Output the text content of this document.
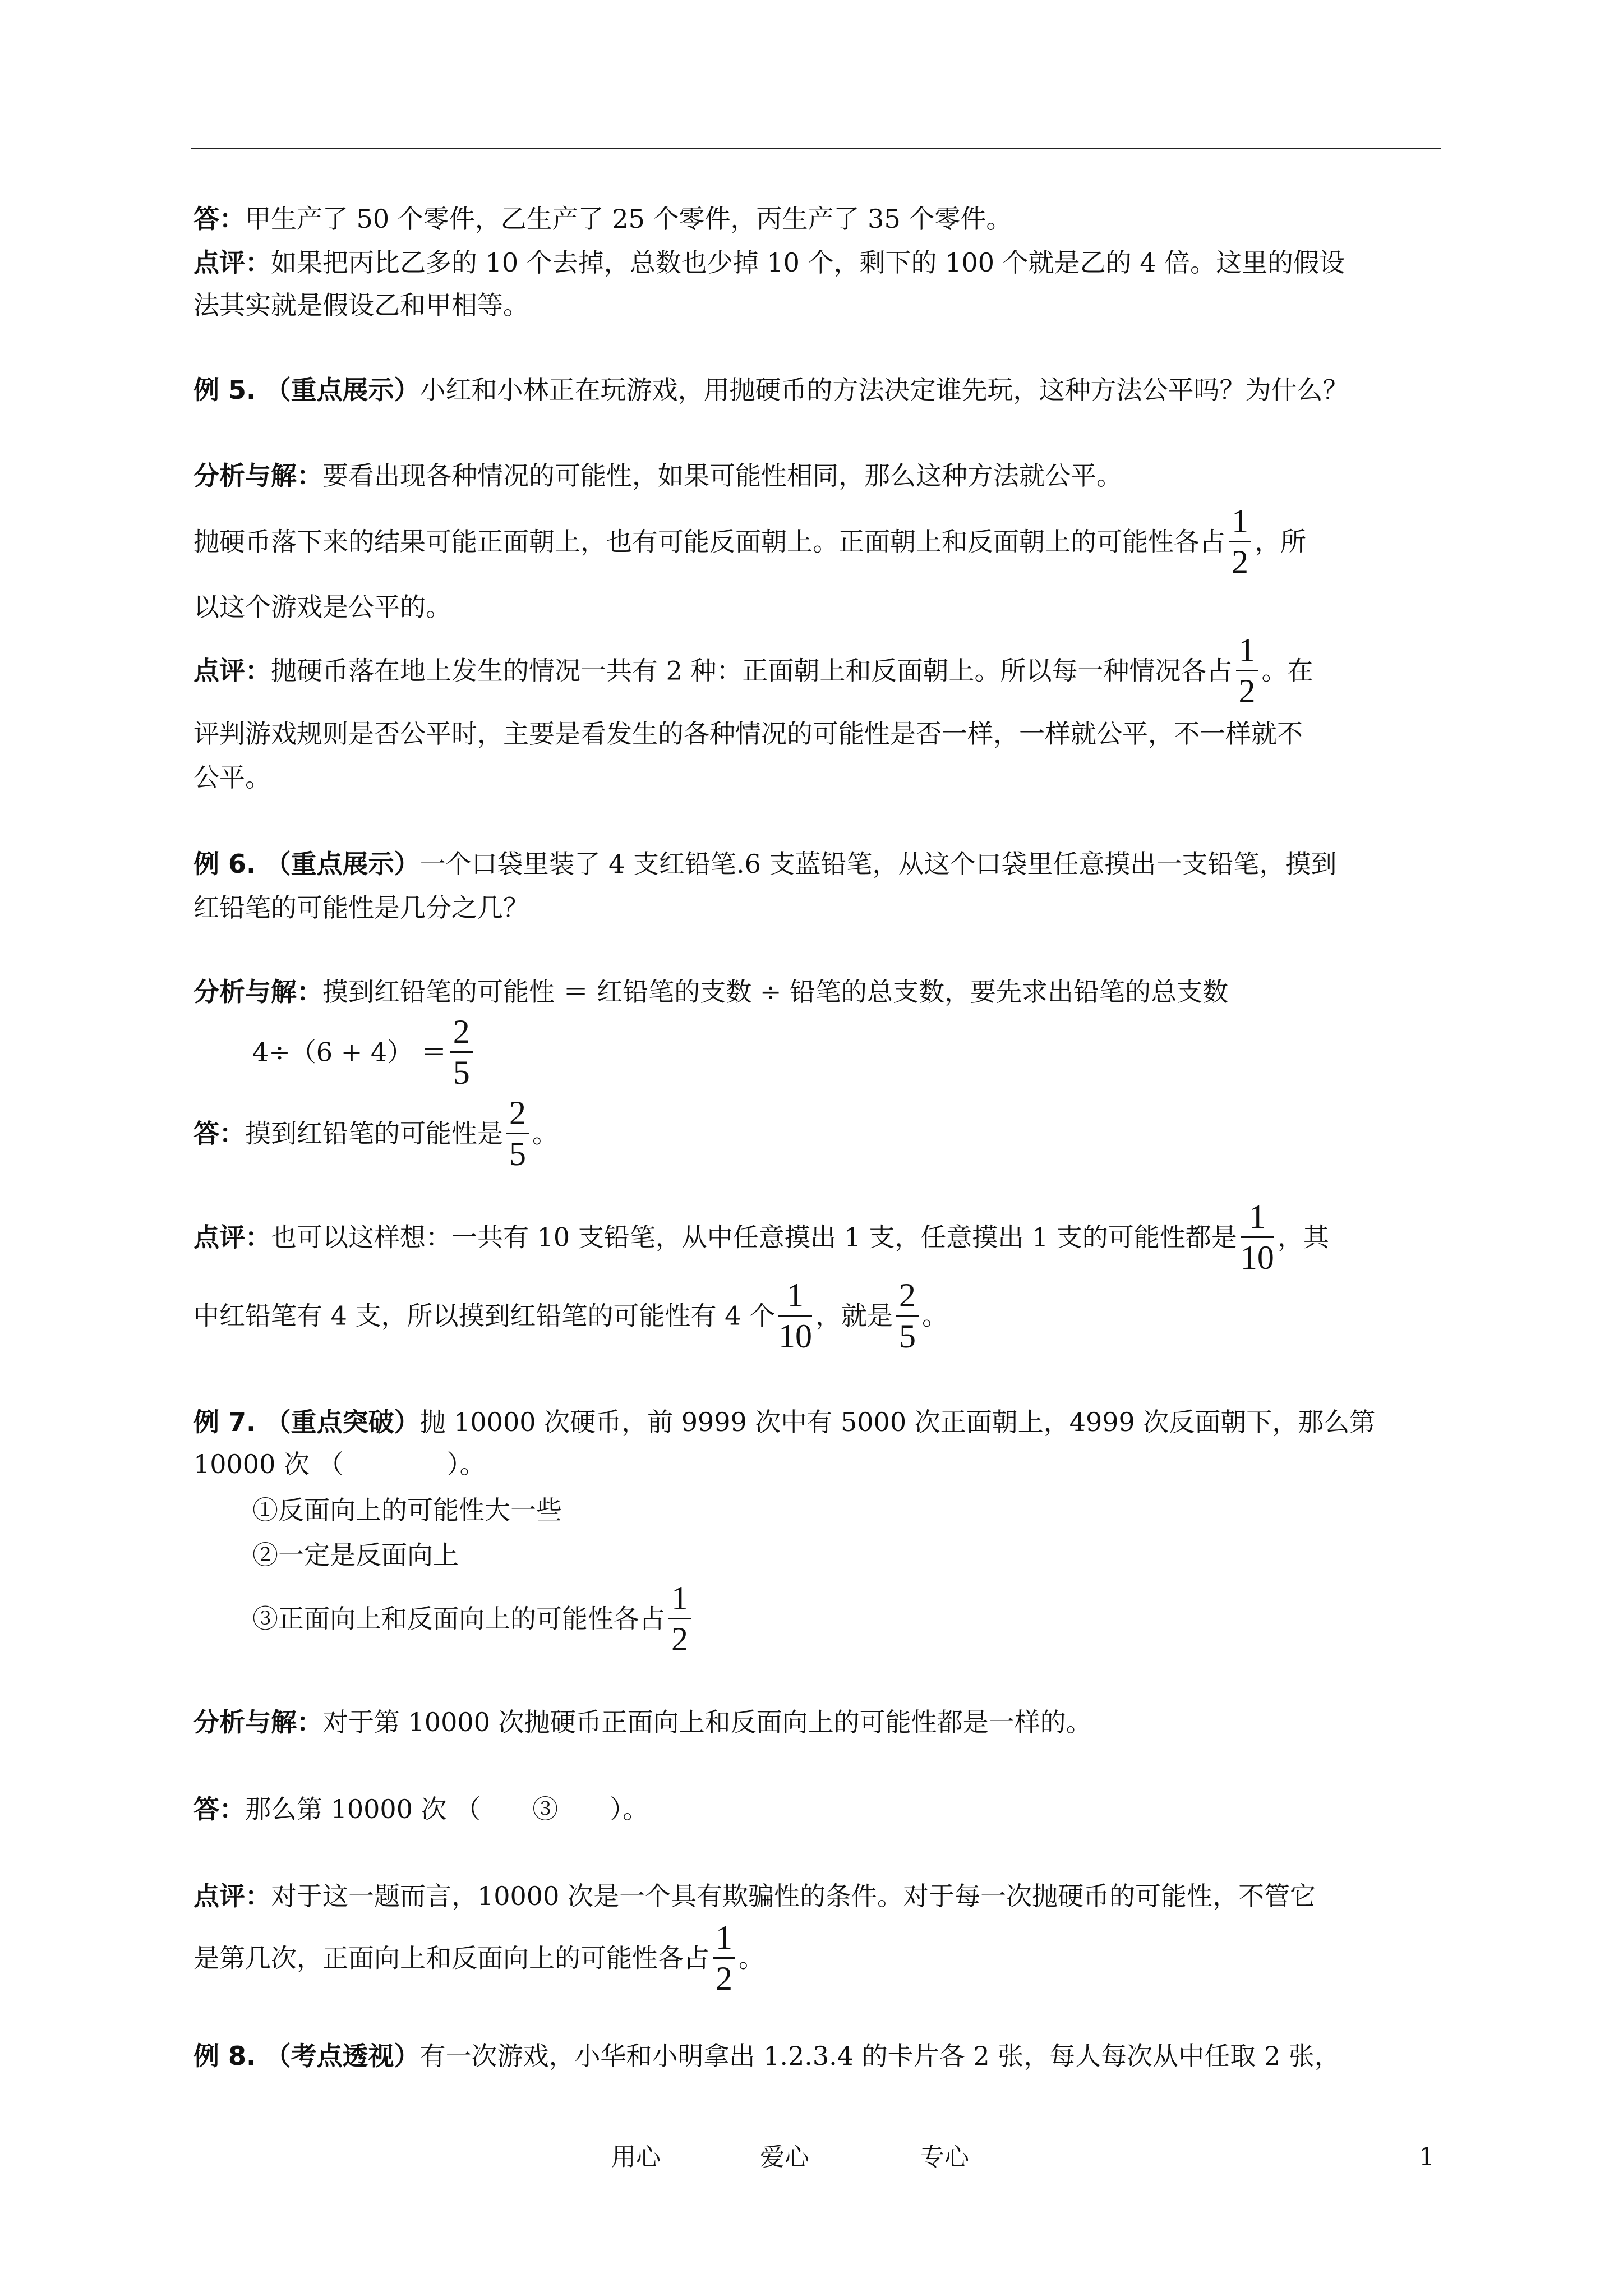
答：甲生产了 50 个零件，乙生产了 25 个零件，丙生产了 35 个零件。
点评：如果把丙比乙多的 10 个去掉，总数也少掉 10 个，剩下的 100 个就是乙的 4 倍。这里的假设
法其实就是假设乙和甲相等。
例 5. （重点展示）小红和小林正在玩游戏，用抛硬币的方法决定谁先玩，这种方法公平吗？为什么？
分析与解：要看出现各种情况的可能性，如果可能性相同，那么这种方法就公平。
抛硬币落下来的结果可能正面朝上，也有可能反面朝上。正面朝上和反面朝上的可能性各占 $\frac{1}{2}$ ，所
以这个游戏是公平的。
点评：抛硬币落在地上发生的情况一共有 2 种：正面朝上和反面朝上。所以每一种情况各占 $\frac{1}{2}$ 。在
评判游戏规则是否公平时，主要是看发生的各种情况的可能性是否一样，一样就公平，不一样就不
公平。
例 6. （重点展示）一个口袋里装了 4 支红铅笔.6 支蓝铅笔，从这个口袋里任意摸出一支铅笔，摸到
红铅笔的可能性是几分之几？
分析与解：摸到红铅笔的可能性 ＝ 红铅笔的支数 ÷ 铅笔的总支数，要先求出铅笔的总支数
$4\div(6 + 4) = \frac{2}{5}$
答：摸到红铅笔的可能性是 $\frac{2}{5}$ 。
点评：也可以这样想：一共有 10 支铅笔，从中任意摸出 1 支，任意摸出 1 支的可能性都是 $\frac{1}{10}$ ，其
中红铅笔有 4 支，所以摸到红铅笔的可能性有 4 个 $\frac{1}{10}$ ，就是 $\frac{2}{5}$ 。
例 7. （重点突破）抛 10000 次硬币，前 9999 次中有 5000 次正面朝上，4999 次反面朝下，那么第
10000 次 （　　　　）。
①反面向上的可能性大一些
②一定是反面向上
③正面向上和反面向上的可能性各占 $\frac{1}{2}$
分析与解：对于第 10000 次抛硬币正面向上和反面向上的可能性都是一样的。
答：那么第 10000 次 （　　③　　）。
点评：对于这一题而言，10000 次是一个具有欺骗性的条件。对于每一次抛硬币的可能性，不管它
是第几次，正面向上和反面向上的可能性各占 $\frac{1}{2}$ 。
例 8. （考点透视）有一次游戏，小华和小明拿出 1.2.3.4 的卡片各 2 张，每人每次从中任取 2 张，
用心	爱心	专心	1
